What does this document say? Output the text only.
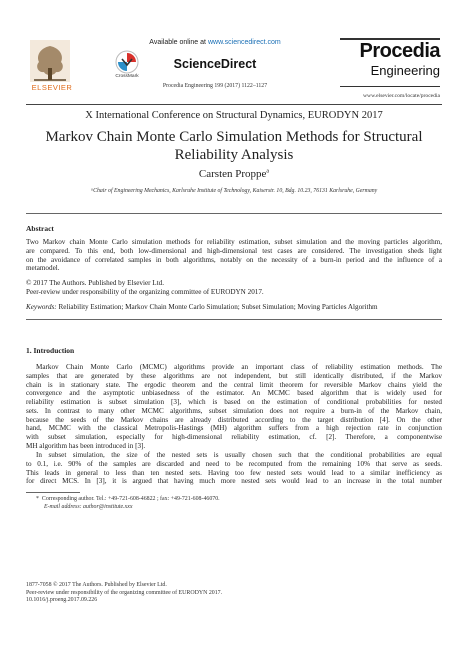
ELSEVIER
CrossMark
Available online at www.sciencedirect.com
ScienceDirect
Procedia Engineering 199 (2017) 1122–1127
Procedia
Engineering
www.elsevier.com/locate/procedia
X International Conference on Structural Dynamics, EURODYN 2017
Markov Chain Monte Carlo Simulation Methods for Structural
Reliability Analysis
Carsten Proppe$^a$
ᵃChair of Engineering Mechanics, Karlsruhe Institute of Technology, Kaiserstr. 10, Bdg. 10.23, 76131 Karlsruhe, Germany
Abstract
Two Markov chain Monte Carlo simulation methods for reliability estimation, subset simulation and the moving particles algorithm,
are compared. To this end, both low-dimensional and high-dimensional test cases are considered. The investigation sheds light
on the avoidance of correlated samples in both algorithms, notably on the necessity of a burn-in period and the influence of a
metamodel.
© 2017 The Authors. Published by Elsevier Ltd.
Peer-review under responsibility of the organizing committee of EURODYN 2017.
Keywords: Reliability Estimation; Markov Chain Monte Carlo Simulation; Subset Simulation; Moving Particles Algorithm
1. Introduction
Markov Chain Monte Carlo (MCMC) algorithms provide an important class of reliability estimation methods. The
samples that are generated by these algorithms are not independent, but still identically distributed, if the Markov
chain is in stationary state. The ergodic theorem and the central limit theorem for reversible Markov chains yield the
convergence and the asymptotic unbiasedness of the estimator. An MCMC based algorithm that is widely used for
reliability estimation is subset simulation [3], which is based on the estimation of conditional probabilities for nested
sets. In contrast to many other MCMC algorithms, subset simulation does not require a burn-in of the Markov chain,
because the seeds of the Markov chains are already distributed according to the target distribution [4]. On the other
hand, MCMC with the classical Metropolis-Hastings (MH) algorithm suffers from a high rejection rate in conjunction
with subset simulation, especially for high-dimensional reliability estimation, cf. [2]. Therefore, a componentwise
MH algorithm has been introduced in [3].
In subset simulation, the size of the nested sets is usually chosen such that the conditional probabilities are equal
to 0.1, i.e. 90% of the samples are discarded and need to be recomputed from the remaining 10% that serve as seeds.
This leads in general to less than ten nested sets. Having too few nested sets would lead to a similar inefficiency as
for direct MCS. In [3], it is argued that having much more nested sets would lead to an increase in the total number
* Corresponding author. Tel.: +49-721-608-46822 ; fax: +49-721-608-46070.
E-mail address: author@institute.xxx
1877-7058 © 2017 The Authors. Published by Elsevier Ltd.
Peer-review under responsibility of the organizing committee of EURODYN 2017.
10.1016/j.proeng.2017.09.226
